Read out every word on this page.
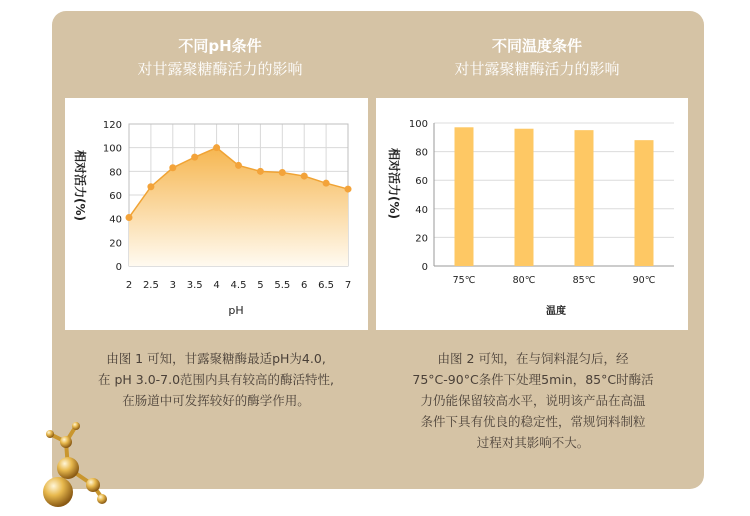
不同pH条件
对甘露聚糖酶活力的影响
不同温度条件
对甘露聚糖酶活力的影响
相对活力(%)
pH
0
20
40
60
80
100
120
2 2.5 3 3.5 4 4.5 5 5.5 6 6.5 7
相对活力(%)
温度
0
20
40
60
80
100
75℃	80℃	85℃	90℃
由图 1 可知，甘露聚糖酶最适pH为4.0,
在 pH 3.0-7.0范围内具有较高的酶活特性,
在肠道中可发挥较好的酶学作用。
由图 2 可知，在与饲料混匀后，经
75°C-90°C条件下处理5min，85°C时酶活
力仍能保留较高水平，说明该产品在高温
条件下具有优良的稳定性，常规饲料制粒
过程对其影响不大。
